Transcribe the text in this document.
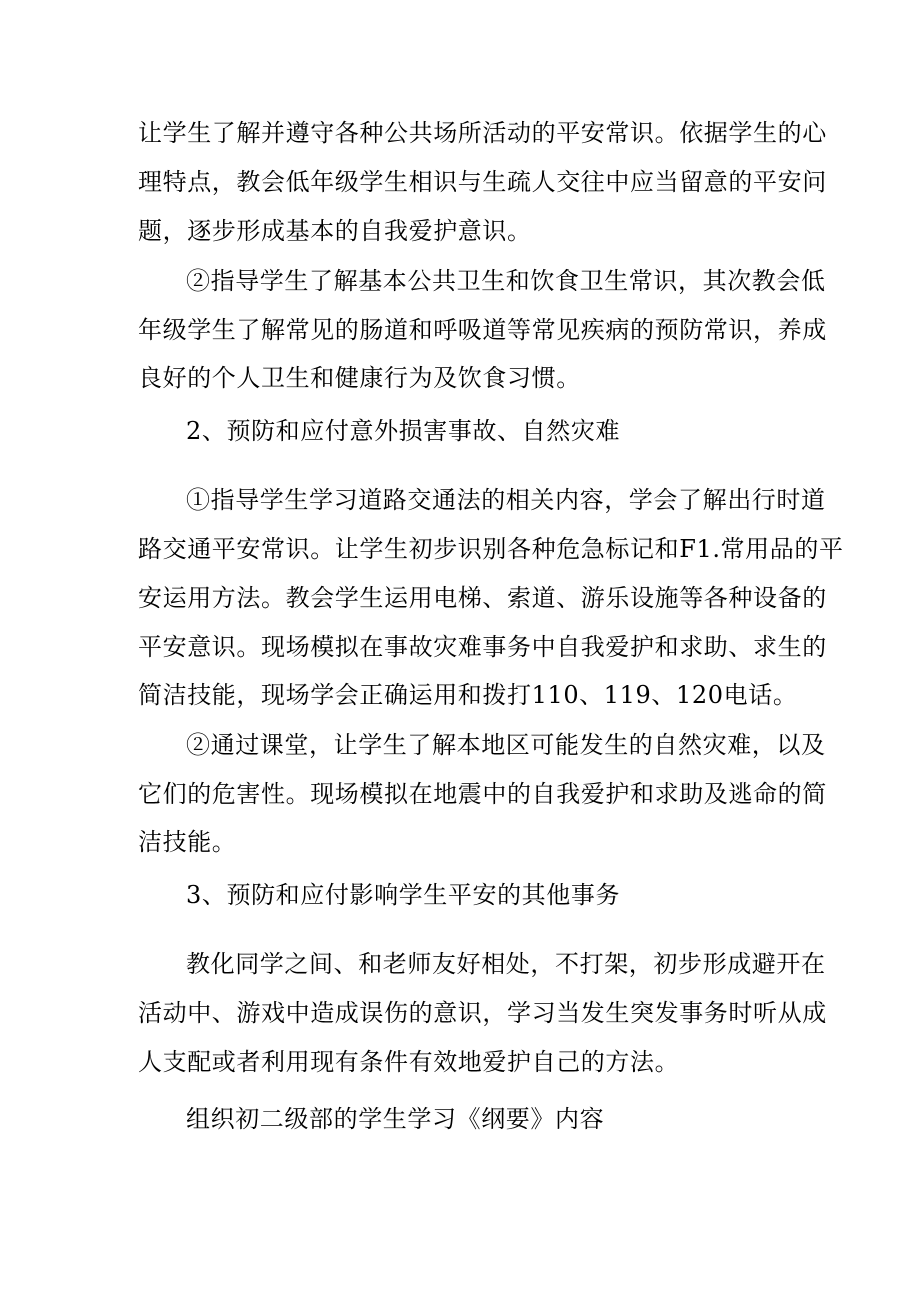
让学生了解并遵守各种公共场所活动的平安常识。依据学生的心
理特点，教会低年级学生相识与生疏人交往中应当留意的平安问
题，逐步形成基本的自我爱护意识。
②指导学生了解基本公共卫生和饮食卫生常识，其次教会低
年级学生了解常见的肠道和呼吸道等常见疾病的预防常识，养成
良好的个人卫生和健康行为及饮食习惯。
2、预防和应付意外损害事故、自然灾难
①指导学生学习道路交通法的相关内容，学会了解出行时道
路交通平安常识。让学生初步识别各种危急标记和F1.常用品的平
安运用方法。教会学生运用电梯、索道、游乐设施等各种设备的
平安意识。现场模拟在事故灾难事务中自我爱护和求助、求生的
简洁技能，现场学会正确运用和拨打110、119、120电话。
②通过课堂，让学生了解本地区可能发生的自然灾难，以及
它们的危害性。现场模拟在地震中的自我爱护和求助及逃命的简
洁技能。
3、预防和应付影响学生平安的其他事务
教化同学之间、和老师友好相处，不打架，初步形成避开在
活动中、游戏中造成误伤的意识，学习当发生突发事务时听从成
人支配或者利用现有条件有效地爱护自己的方法。
组织初二级部的学生学习《纲要》内容
